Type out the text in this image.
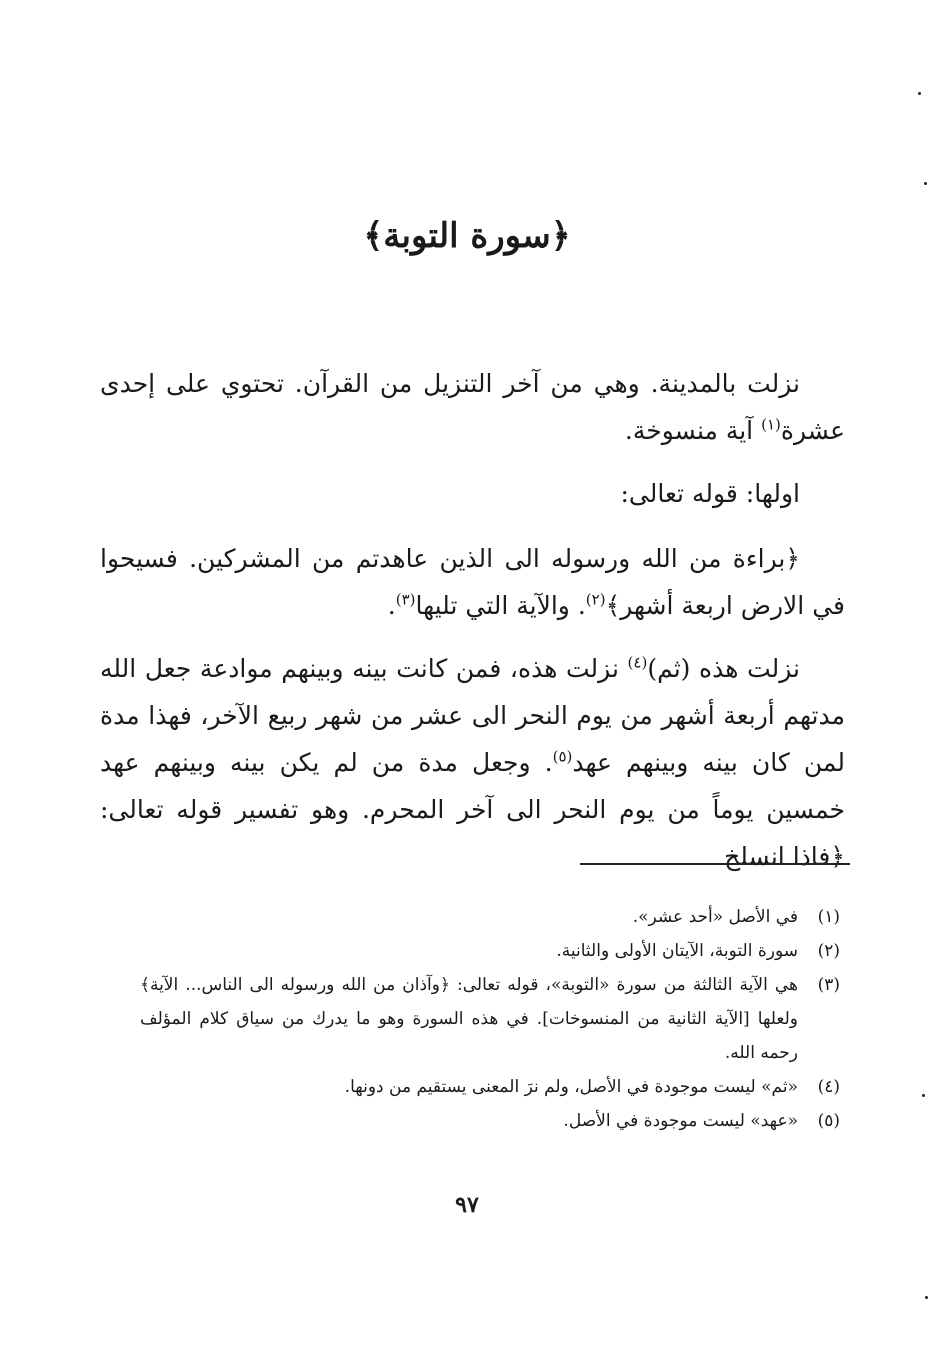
﴿سورة التوبة﴾

نزلت بالمدينة. وهي من آخر التنزيل من القرآن. تحتوي على إحدى عشرة$^{(١)}$ آية منسوخة.

اولها: قوله تعالى:

﴿براءة من الله ورسوله الى الذين عاهدتم من المشركين. فسيحوا في الارض اربعة أشهر﴾$^{(٢)}$. والآية التي تليها$^{(٣)}$.

نزلت هذه (ثم)$^{(٤)}$ نزلت هذه، فمن كانت بينه وبينهم موادعة جعل الله مدتهم أربعة أشهر من يوم النحر الى عشر من شهر ربيع الآخر، فهذا مدة لمن كان بينه وبينهم عهد$^{(٥)}$. وجعل مدة من لم يكن بينه وبينهم عهد خمسين يوماً من يوم النحر الى آخر المحرم. وهو تفسير قوله تعالى: ﴿فاذا انسلخ

(١)
في الأصل «أحد عشر».
(٢)
سورة التوبة، الآيتان الأولى والثانية.
(٣)
هي الآية الثالثة من سورة «التوبة»، قوله تعالى: ﴿وآذان من الله ورسوله الى الناس... الآية﴾ ولعلها [الآية الثانية من المنسوخات]. في هذه السورة وهو ما يدرك من سياق كلام المؤلف رحمه الله.
(٤)
«ثم» ليست موجودة في الأصل، ولم نرَ المعنى يستقيم من دونها.
(٥)
«عهد» ليست موجودة في الأصل.
٩٧
